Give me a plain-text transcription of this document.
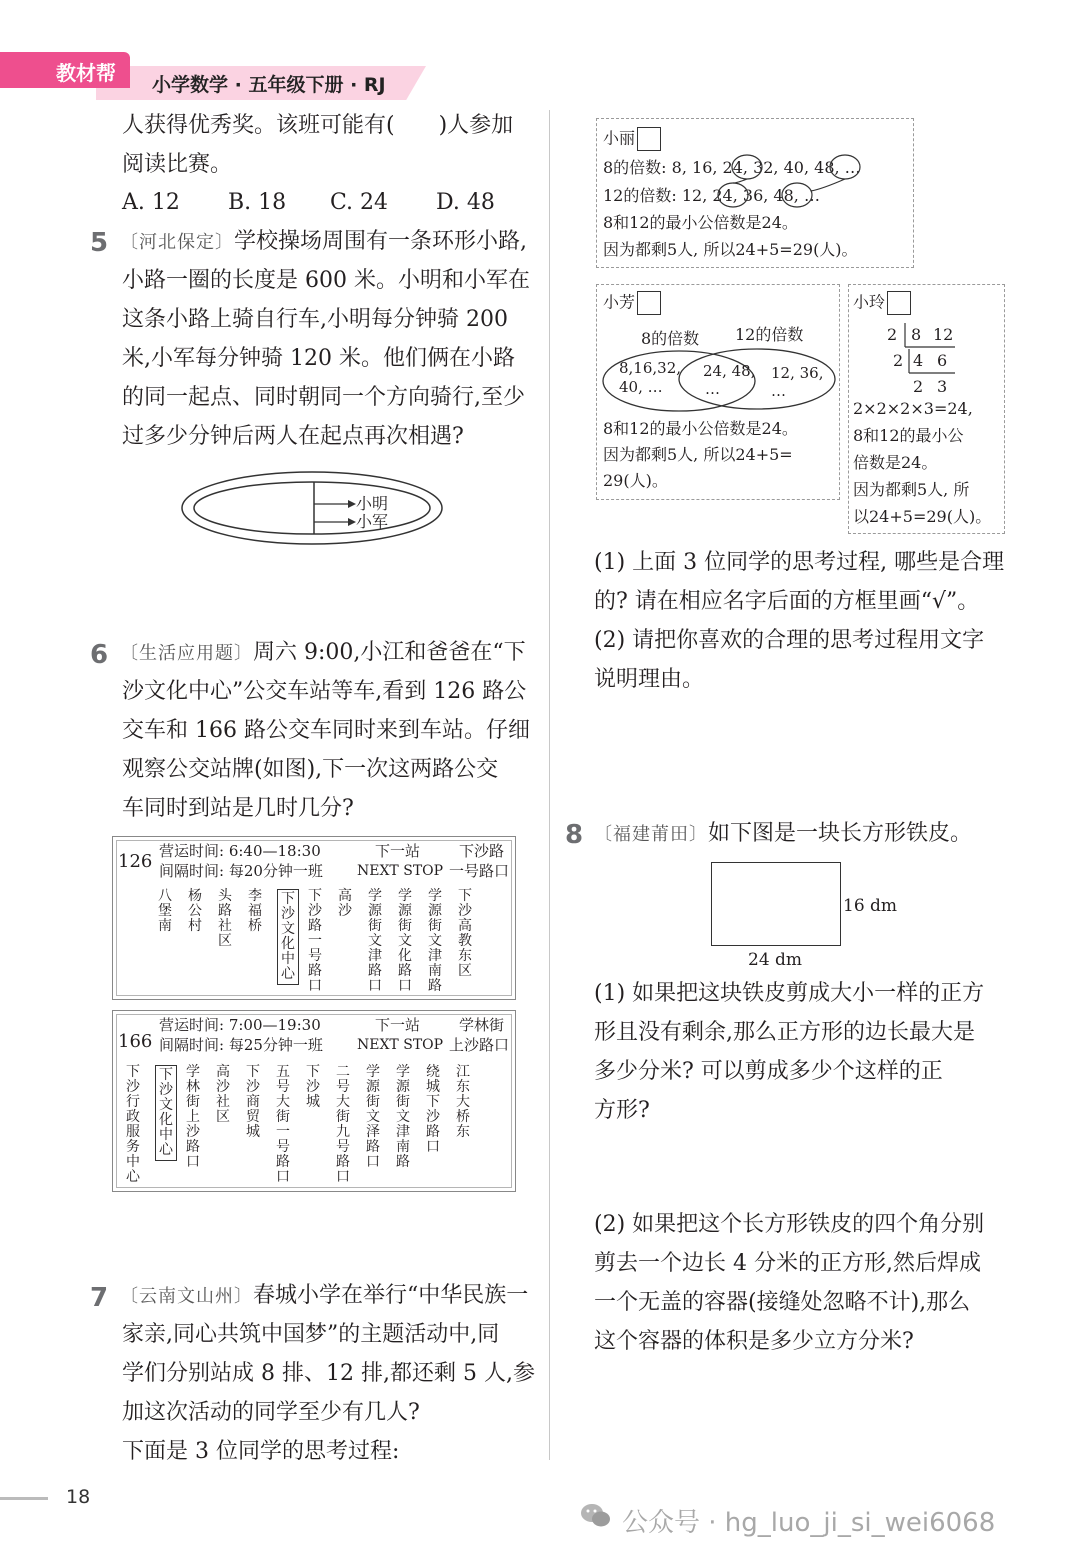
教材帮 小学数学 · 五年级下册 · RJ
人获得优秀奖。该班可能有(　　)人参加
阅读比赛。
A. 12 B. 18 C. 24 D. 48
5 〔河北保定〕学校操场周围有一条环形小路,
小路一圈的长度是 600 米。小明和小军在
这条小路上骑自行车,小明每分钟骑 200
米,小军每分钟骑 120 米。他们俩在小路
的同一起点、同时朝同一个方向骑行,至少
过多少分钟后两人在起点再次相遇?
小明
小军
6 〔生活应用题〕周六 9:00,小江和爸爸在“下
沙文化中心”公交车站等车,看到 126 路公
交车和 166 路公交车同时来到车站。仔细
观察公交站牌(如图),下一次这两路公交
车同时到站是几时几分?
126 营运时间: 6:40—18:30
间隔时间: 每20分钟一班
下一站
NEXT STOP
下沙路
一号路口
八堡南
杨公村
头路社区
李福桥
下沙文化中心
下沙路一号路口
高沙
学源街文津路口
学源街文化路口
学源街文津南路
下沙高教东区
166
营运时间: 7:00—19:30
间隔时间: 每25分钟一班
下一站
NEXT STOP
学林街
上沙路口
下沙行政服务中心
下沙文化中心
学林街上沙路口
高沙社区
下沙商贸城
五号大街一号路口
下沙城
二号大街九号路口
学源街文泽路口
学源街文津南路
绕城下沙路口
江东大桥东
7 〔云南文山州〕春城小学在举行“中华民族一
家亲,同心共筑中国梦”的主题活动中,同
学们分别站成 8 排、12 排,都还剩 5 人,参
加这次活动的同学至少有几人?
下面是 3 位同学的思考过程:
18
公众号 · hg_luo_ji_si_wei6068
小丽
8的倍数: 8, 16, 24, 32, 40, 48, …
12的倍数: 12, 24, 36, 48, …
8和12的最小公倍数是24。
因为都剩5人, 所以24+5=29(人)。
小芳
8的倍数 12的倍数
8,16,32,
40, …
24, 48,
…
12, 36,
…
8和12的最小公倍数是24。
因为都剩5人, 所以24+5=
29(人)。
小玲
2 8 12
2 4 6
2 3
2×2×2×3=24,
8和12的最小公
倍数是24。
因为都剩5人, 所
以24+5=29(人)。
(1) 上面 3 位同学的思考过程, 哪些是合理
的? 请在相应名字后面的方框里画“√”。
(2) 请把你喜欢的合理的思考过程用文字
说明理由。
8 〔福建莆田〕如下图是一块长方形铁皮。
16 dm
24 dm
(1) 如果把这块铁皮剪成大小一样的正方
形且没有剩余,那么正方形的边长最大是
多少分米? 可以剪成多少个这样的正
方形?
(2) 如果把这个长方形铁皮的四个角分别
剪去一个边长 4 分米的正方形,然后焊成
一个无盖的容器(接缝处忽略不计),那么
这个容器的体积是多少立方分米?
